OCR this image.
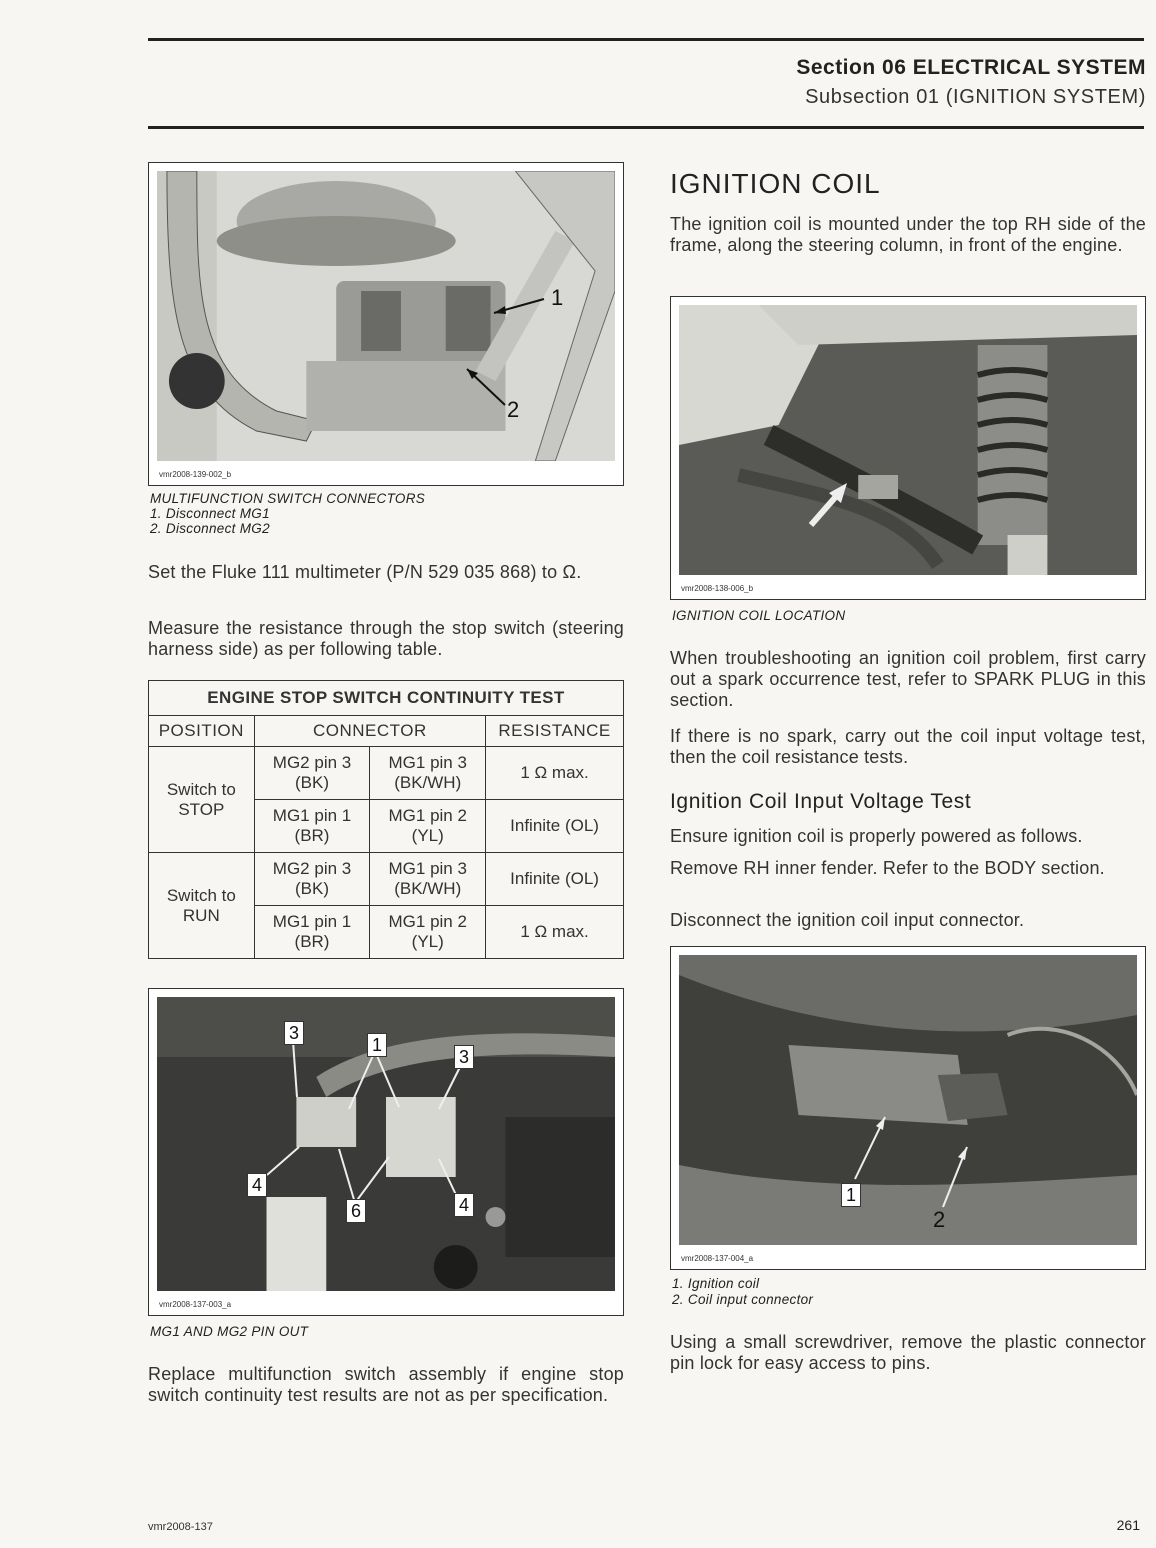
Section 06 ELECTRICAL SYSTEM
Subsection 01 (IGNITION SYSTEM)
vmr2008-139-002_b
1
2
MULTIFUNCTION SWITCH CONNECTORS
1. Disconnect MG1
2. Disconnect MG2
Set the Fluke 111 multimeter (P/N 529 035 868) to Ω.
Measure the resistance through the stop switch (steering harness side) as per following table.
ENGINE STOP SWITCH CONTINUITY TEST			
POSITION	CONNECTOR		RESISTANCE
Switch to STOP	MG2 pin 3 (BK)	MG1 pin 3 (BK/WH)	1 Ω max.
	MG1 pin 1 (BR)	MG1 pin 2 (YL)	Infinite (OL)
Switch to RUN	MG2 pin 3 (BK)	MG1 pin 3 (BK/WH)	Infinite (OL)
	MG1 pin 1 (BR)	MG1 pin 2 (YL)	1 Ω max.
vmr2008-137-003_a
3
1
3
4
6	4
MG1 AND MG2 PIN OUT
Replace multifunction switch assembly if engine stop switch continuity test results are not as per specification.
IGNITION COIL
The ignition coil is mounted under the top RH side of the frame, along the steering column, in front of the engine.
vmr2008-138-006_b
IGNITION COIL LOCATION
When troubleshooting an ignition coil problem, first carry out a spark occurrence test, refer to SPARK PLUG in this section.
If there is no spark, carry out the coil input voltage test, then the coil resistance tests.
Ignition Coil Input Voltage Test
Ensure ignition coil is properly powered as follows.
Remove RH inner fender. Refer to the BODY section.
Disconnect the ignition coil input connector.
vmr2008-137-004_a
1
2
1. Ignition coil
2. Coil input connector
Using a small screwdriver, remove the plastic connector pin lock for easy access to pins.
vmr2008-137	261
